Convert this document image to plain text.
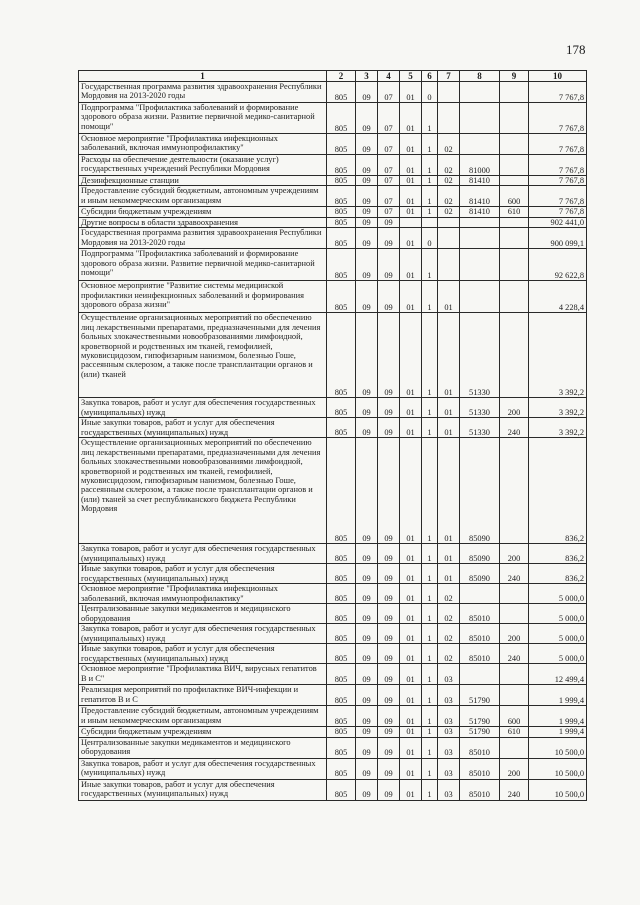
178
1	2	3	4	5	6	7	8	9	10
Государственная программа развития здравоохранения Республики Мордовия на 2013-2020 годы	805	09	07	01	0				7 767,8
Подпрограмма "Профилактика заболеваний и формирование здорового образа жизни. Развитие первичной медико-санитарной помощи"	805	09	07	01	1				7 767,8
Основное мероприятие "Профилактика инфекционных заболеваний, включая иммунопрофилактику"	805	09	07	01	1	02			7 767,8
Расходы на обеспечение деятельности (оказание услуг) государственных учреждений Республики Мордовия	805	09	07	01	1	02	81000		7 767,8
Дезинфекционные станции	805	09	07	01	1	02	81410		7 767,8
Предоставление субсидий бюджетным, автономным учреждениям и иным некоммерческим организациям	805	09	07	01	1	02	81410	600	7 767,8
Субсидии бюджетным учреждениям	805	09	07	01	1	02	81410	610	7 767,8
Другие вопросы в области здравоохранения	805	09	09						902 441,0
Государственная программа развития здравоохранения Республики Мордовия на 2013-2020 годы	805	09	09	01	0				900 099,1
Подпрограмма "Профилактика заболеваний и формирование здорового образа жизни. Развитие первичной медико-санитарной помощи"	805	09	09	01	1				92 622,8
Основное мероприятие "Развитие системы медицинской профилактики неинфекционных заболеваний и формирования здорового образа жизни"	805	09	09	01	1	01			4 228,4
Осуществление организационных мероприятий по обеспечению лиц лекарственными препаратами, предназначенными для лечения больных злокачественными новообразованиями лимфоидной, кроветворной и родственных им тканей, гемофилией, муковисцидозом, гипофизарным нанизмом, болезнью Гоше, рассеянным склерозом, а также после трансплантации органов и (или) тканей	805	09	09	01	1	01	51330		3 392,2
Закупка товаров, работ и услуг для обеспечения государственных (муниципальных) нужд	805	09	09	01	1	01	51330	200	3 392,2
Иные закупки товаров, работ и услуг для обеспечения государственных (муниципальных) нужд	805	09	09	01	1	01	51330	240	3 392,2
Осуществление организационных мероприятий по обеспечению лиц лекарственными препаратами, предназначенными для лечения больных злокачественными новообразованиями лимфоидной, кроветворной и родственных им тканей, гемофилией, муковисцидозом, гипофизарным нанизмом, болезнью Гоше, рассеянным склерозом, а также после трансплантации органов и (или) тканей за счет республиканского бюджета Республики Мордовия	805	09	09	01	1	01	85090		836,2
Закупка товаров, работ и услуг для обеспечения государственных (муниципальных) нужд	805	09	09	01	1	01	85090	200	836,2
Иные закупки товаров, работ и услуг для обеспечения государственных (муниципальных) нужд	805	09	09	01	1	01	85090	240	836,2
Основное мероприятие "Профилактика инфекционных заболеваний, включая иммунопрофилактику"	805	09	09	01	1	02			5 000,0
Централизованные закупки медикаментов и медицинского оборудования	805	09	09	01	1	02	85010		5 000,0
Закупка товаров, работ и услуг для обеспечения государственных (муниципальных) нужд	805	09	09	01	1	02	85010	200	5 000,0
Иные закупки товаров, работ и услуг для обеспечения государственных (муниципальных) нужд	805	09	09	01	1	02	85010	240	5 000,0
Основное мероприятие "Профилактика ВИЧ, вирусных гепатитов В и С"	805	09	09	01	1	03			12 499,4
Реализация мероприятий по профилактике ВИЧ-инфекции и гепатитов В и С	805	09	09	01	1	03	51790		1 999,4
Предоставление субсидий бюджетным, автономным учреждениям и иным некоммерческим организациям	805	09	09	01	1	03	51790	600	1 999,4
Субсидии бюджетным учреждениям	805	09	09	01	1	03	51790	610	1 999,4
Централизованные закупки медикаментов и медицинского оборудования	805	09	09	01	1	03	85010		10 500,0
Закупка товаров, работ и услуг для обеспечения государственных (муниципальных) нужд	805	09	09	01	1	03	85010	200	10 500,0
Иные закупки товаров, работ и услуг для обеспечения государственных (муниципальных) нужд	805	09	09	01	1	03	85010	240	10 500,0
